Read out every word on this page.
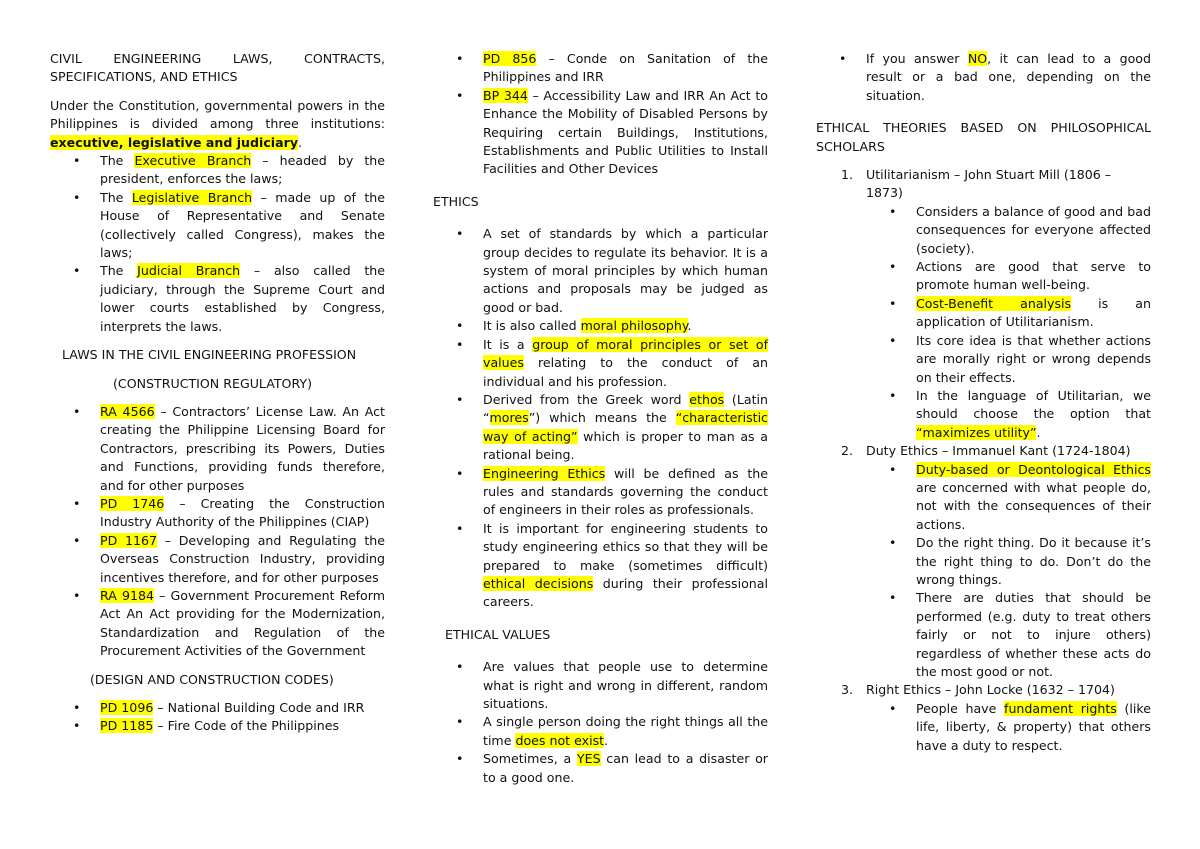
CIVIL ENGINEERING LAWS, CONTRACTS, SPECIFICATIONS, AND ETHICS

Under the Constitution, governmental powers in the Philippines is divided among three institutions: executive, legislative and judiciary.

• The Executive Branch – headed by the president, enforces the laws;
• The Legislative Branch – made up of the House of Representative and Senate (collectively called Congress), makes the laws;
• The Judicial Branch – also called the judiciary, through the Supreme Court and lower courts established by Congress, interprets the laws.

LAWS IN THE CIVIL ENGINEERING PROFESSION

(CONSTRUCTION REGULATORY)

• RA 4566 – Contractors’ License Law. An Act creating the Philippine Licensing Board for Contractors, prescribing its Powers, Duties and Functions, providing funds therefore, and for other purposes
• PD 1746 – Creating the Construction Industry Authority of the Philippines (CIAP)
• PD 1167 – Developing and Regulating the Overseas Construction Industry, providing incentives therefore, and for other purposes
• RA 9184 – Government Procurement Reform Act An Act providing for the Modernization, Standardization and Regulation of the Procurement Activities of the Government

(DESIGN AND CONSTRUCTION CODES)

• PD 1096 – National Building Code and IRR
• PD 1185 – Fire Code of the Philippines
• PD 856 – Conde on Sanitation of the Philippines and IRR
• BP 344 – Accessibility Law and IRR An Act to Enhance the Mobility of Disabled Persons by Requiring certain Buildings, Institutions, Establishments and Public Utilities to Install Facilities and Other Devices

ETHICS

• A set of standards by which a particular group decides to regulate its behavior. It is a system of moral principles by which human actions and proposals may be judged as good or bad.
• It is also called moral philosophy.
• It is a group of moral principles or set of values relating to the conduct of an individual and his profession.
• Derived from the Greek word ethos (Latin “mores”) which means the “characteristic way of acting” which is proper to man as a rational being.
• Engineering Ethics will be defined as the rules and standards governing the conduct of engineers in their roles as professionals.
• It is important for engineering students to study engineering ethics so that they will be prepared to make (sometimes difficult) ethical decisions during their professional careers.

ETHICAL VALUES

• Are values that people use to determine what is right and wrong in different, random situations.
• A single person doing the right things all the time does not exist.
• Sometimes, a YES can lead to a disaster or to a good one.
• If you answer NO, it can lead to a good result or a bad one, depending on the situation.

ETHICAL THEORIES BASED ON PHILOSOPHICAL SCHOLARS

1. Utilitarianism – John Stuart Mill (1806 – 1873)
• Considers a balance of good and bad consequences for everyone affected (society).
• Actions are good that serve to promote human well-being.
• Cost-Benefit analysis is an application of Utilitarianism.
• Its core idea is that whether actions are morally right or wrong depends on their effects.
• In the language of Utilitarian, we should choose the option that “maximizes utility”.
2. Duty Ethics – Immanuel Kant (1724-1804)
• Duty-based or Deontological Ethics are concerned with what people do, not with the consequences of their actions.
• Do the right thing. Do it because it’s the right thing to do. Don’t do the wrong things.
• There are duties that should be performed (e.g. duty to treat others fairly or not to injure others) regardless of whether these acts do the most good or not.
3. Right Ethics – John Locke (1632 – 1704)
• People have fundament rights (like life, liberty, & property) that others have a duty to respect.
